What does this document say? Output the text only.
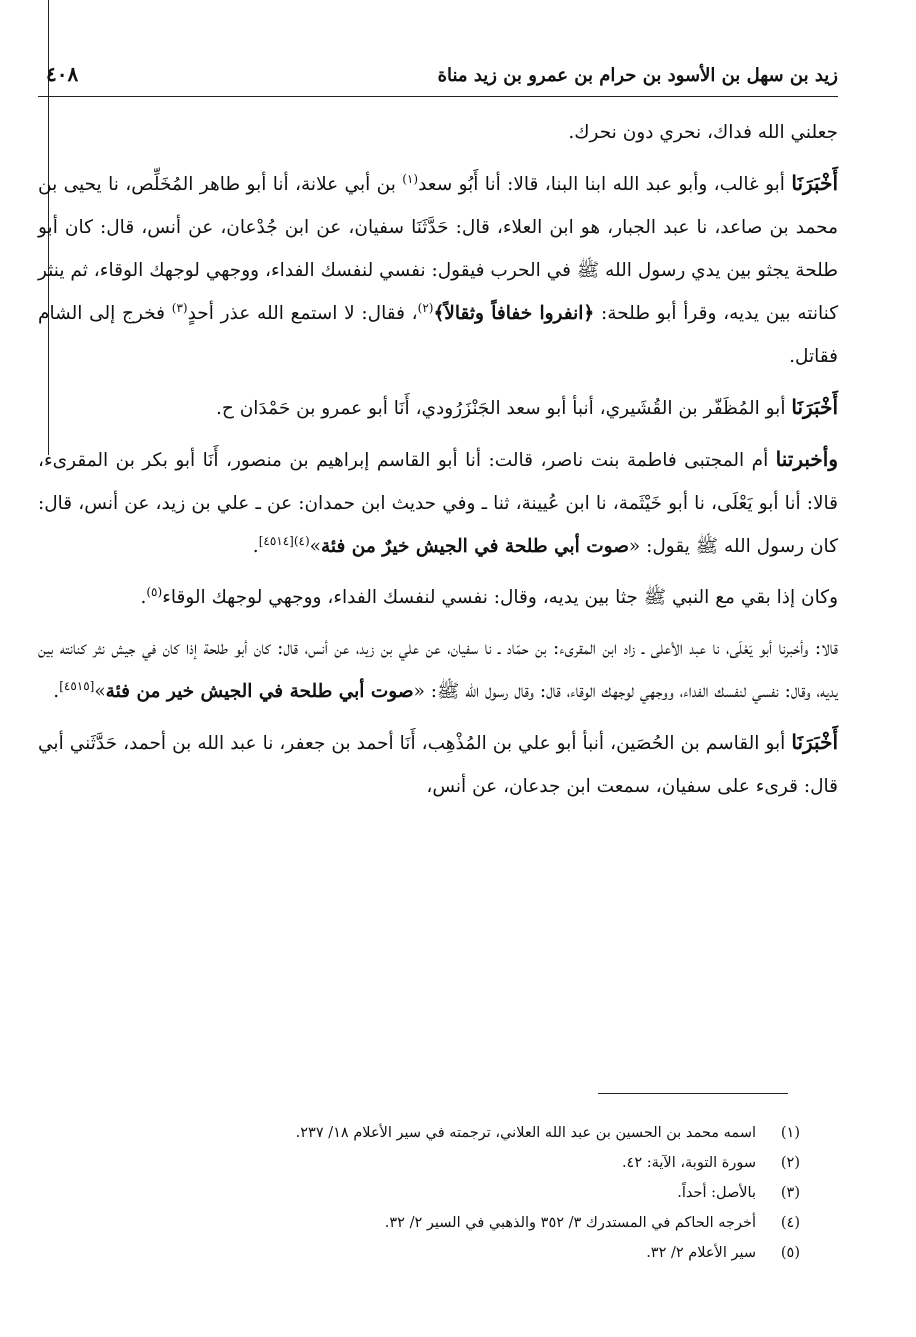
زيد بن سهل بن الأسود بن حرام بن عمرو بن زيد مناة
٤٠٨

جعلني الله فداك، نحري دون نحرك.

أَخْبَرَنَا أبو غالب، وأبو عبد الله ابنا البنا، قالا: أنا أَبُو سعد$^{(١)}$ بن أبي علانة، أنا أبو طاهر المُخَلِّص، نا يحيى بن محمد بن صاعد، نا عبد الجبار، هو ابن العلاء، قال: حَدَّثَنَا سفيان، عن ابن جُدْعان، عن أنس، قال: كان أبو طلحة يجثو بين يدي رسول الله ﷺ في الحرب فيقول: نفسي لنفسك الفداء، ووجهي لوجهك الوقاء، ثم ينثر كنانته بين يديه، وقرأ أبو طلحة: ﴿انفروا خفافاً وثقالاً﴾$^{(٢)}$، فقال: لا استمع الله عذر أحدٍ$^{(٣)}$ فخرج إلى الشام فقاتل.

أَخْبَرَنَا أبو المُظَفّر بن القُشَيري، أنبأ أبو سعد الجَنْزَرُودي، أَنَا أبو عمرو بن حَمْدَان ح.

وأخبرتنا أم المجتبى فاطمة بنت ناصر، قالت: أنا أبو القاسم إبراهيم بن منصور، أَنَا أبو بكر بن المقرىء، قالا: أنا أبو يَعْلَى، نا أبو خَيْثَمة، نا ابن عُيينة، ثنا ـ وفي حديث ابن حمدان: عن ـ علي بن زيد، عن أنس، قال: كان رسول الله ﷺ يقول: «صوت أبي طلحة في الجيش خيرٌ من فئة»$^{(٤)[٤٥١٤]}$.

وكان إذا بقي مع النبي ﷺ جثا بين يديه، وقال: نفسي لنفسك الفداء، ووجهي لوجهك الوقاء$^{(٥)}$.

قالا: وأخبرنا أبو يَعْلَى، نا عبد الأعلى ـ زاد ابن المقرىء: بن حمّاد ـ نا سفيان، عن علي بن زيد، عن أنس، قال: كان أبو طلحة إذا كان في جيش نثر كنانته بين يديه، وقال: نفسي لنفسك الفداء، ووجهي لوجهك الوقاء، قال: وقال رسول الله ﷺ: «صوت أبي طلحة في الجيش خير من فئة»[٤٥١٥].

أَخْبَرَنَا أبو القاسم بن الحُصَين، أنبأ أبو علي بن المُذْهِب، أَنَا أحمد بن جعفر، نا عبد الله بن أحمد، حَدَّثَني أبي قال: قرىء على سفيان، سمعت ابن جدعان، عن أنس،

(١)اسمه محمد بن الحسين بن عبد الله العلاني، ترجمته في سير الأعلام ١٨/ ٢٣٧.
(٢)سورة التوبة، الآية: ٤٢.
(٣)بالأصل: أحداً.
(٤)أخرجه الحاكم في المستدرك ٣/ ٣٥٢ والذهبي في السير ٢/ ٣٢.
(٥)سير الأعلام ٢/ ٣٢.
